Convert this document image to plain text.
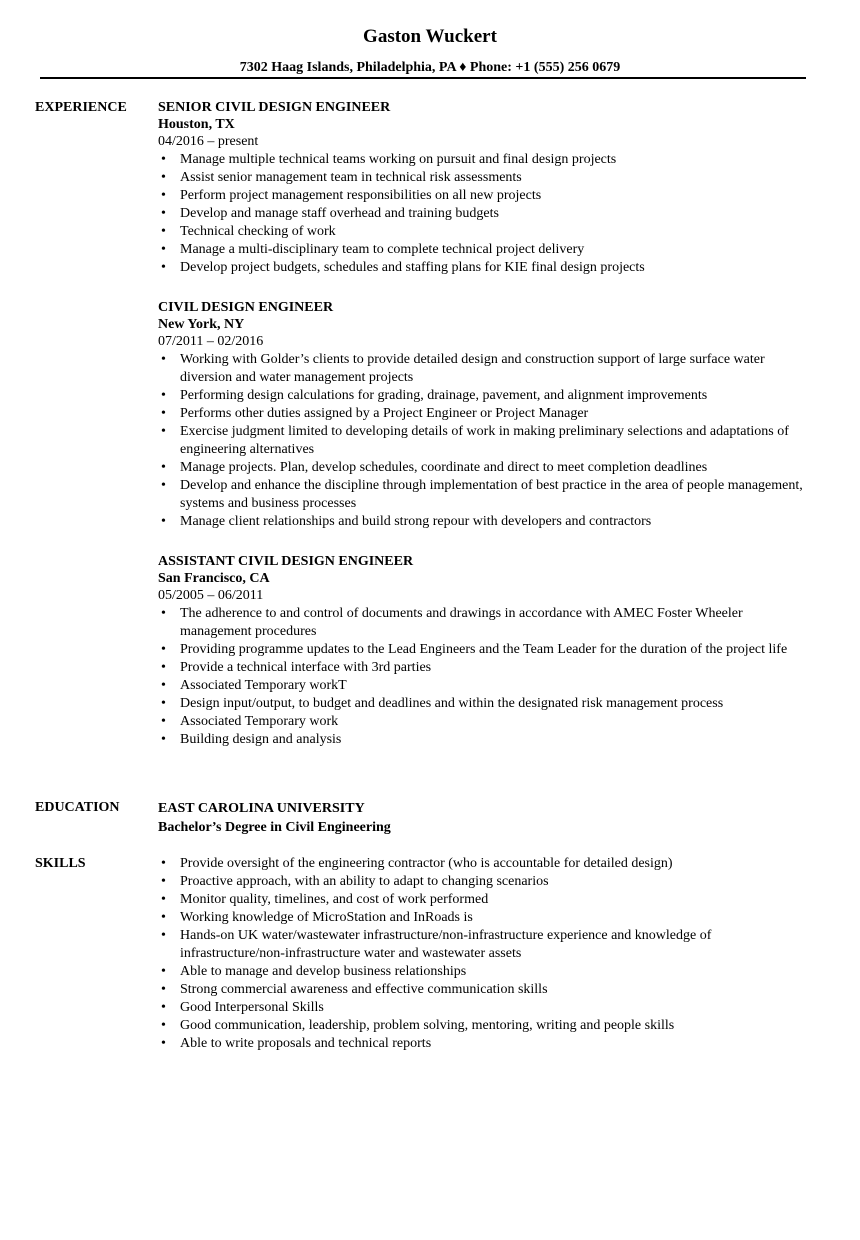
Gaston Wuckert
7302 Haag Islands, Philadelphia, PA ♦ Phone: +1 (555) 256 0679
EXPERIENCE SENIOR CIVIL DESIGN ENGINEER
Houston, TX
04/2016 – present
• Manage multiple technical teams working on pursuit and final design projects
• Assist senior management team in technical risk assessments
• Perform project management responsibilities on all new projects
• Develop and manage staff overhead and training budgets
• Technical checking of work
• Manage a multi-disciplinary team to complete technical project delivery
• Develop project budgets, schedules and staffing plans for KIE final design projects
CIVIL DESIGN ENGINEER
New York, NY
07/2011 – 02/2016
• Working with Golder’s clients to provide detailed design and construction support of large surface water diversion and water management projects
• Performing design calculations for grading, drainage, pavement, and alignment improvements
• Performs other duties assigned by a Project Engineer or Project Manager
• Exercise judgment limited to developing details of work in making preliminary selections and adaptations of engineering alternatives
• Manage projects. Plan, develop schedules, coordinate and direct to meet completion deadlines
• Develop and enhance the discipline through implementation of best practice in the area of people management, systems and business processes
• Manage client relationships and build strong repour with developers and contractors
ASSISTANT CIVIL DESIGN ENGINEER
San Francisco, CA
05/2005 – 06/2011
• The adherence to and control of documents and drawings in accordance with AMEC Foster Wheeler management procedures
• Providing programme updates to the Lead Engineers and the Team Leader for the duration of the project life
• Provide a technical interface with 3rd parties
• Associated Temporary workT
• Design input/output, to budget and deadlines and within the designated risk management process
• Associated Temporary work
• Building design and analysis
EDUCATION	EAST CAROLINA UNIVERSITY
Bachelor’s Degree in Civil Engineering
SKILLS
•	Provide oversight of the engineering contractor (who is accountable for detailed design)
• Proactive approach, with an ability to adapt to changing scenarios
• Monitor quality, timelines, and cost of work performed
• Working knowledge of MicroStation and InRoads is
• Hands-on UK water/wastewater infrastructure/non-infrastructure experience and knowledge of infrastructure/non-infrastructure water and wastewater assets
• Able to manage and develop business relationships
• Strong commercial awareness and effective communication skills
• Good Interpersonal Skills
• Good communication, leadership, problem solving, mentoring, writing and people skills
• Able to write proposals and technical reports
